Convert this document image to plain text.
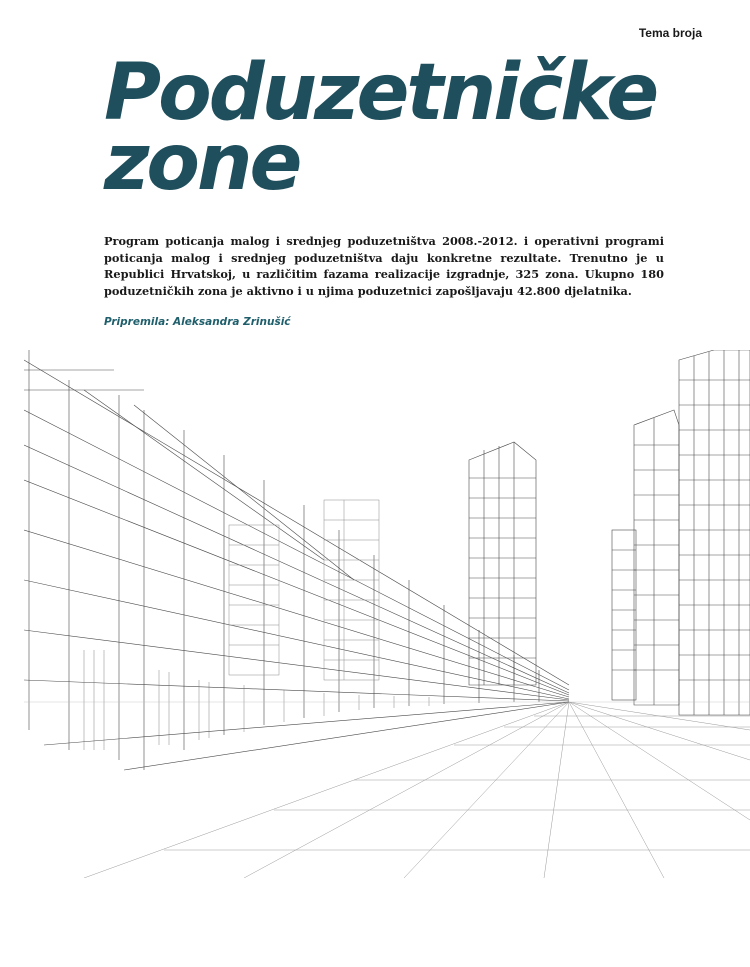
Tema broja
Poduzetničke
zone

Program poticanja malog i srednjeg poduzetništva 2008.-2012. i operativni programi poticanja malog i srednjeg poduzetništva daju konkretne rezultate. Trenutno je u Republici Hrvatskoj, u različitim fazama realizacije izgradnje, 325 zona. Ukupno 180 poduzetničkih zona je aktivno i u njima poduzetnici zapošljavaju 42.800 djelatnika.

Pripremila: Aleksandra Zrinušić
